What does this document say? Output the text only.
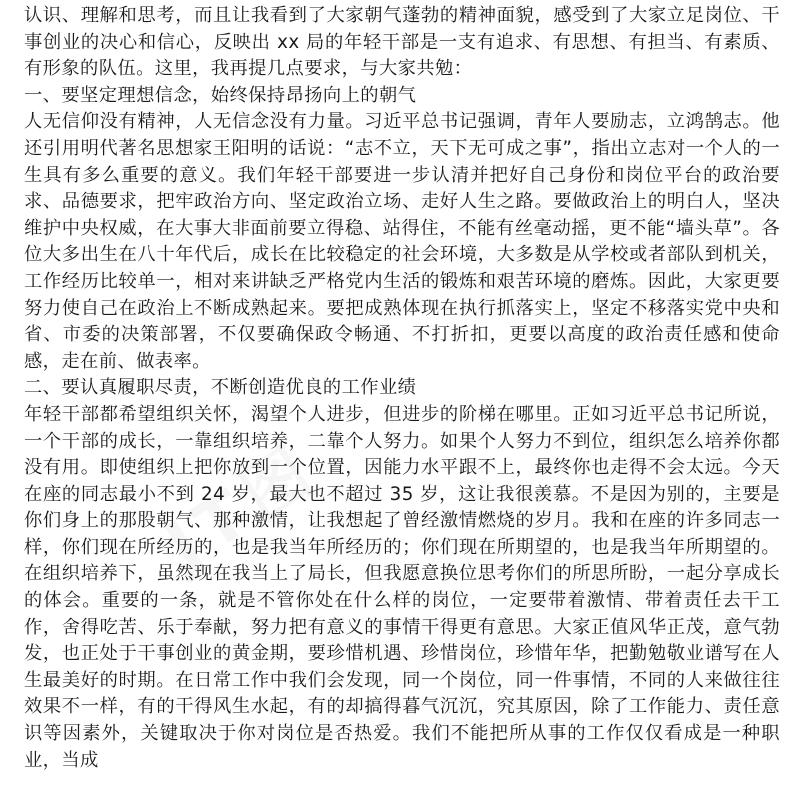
JT图

认识、理解和思考，而且让我看到了大家朝气蓬勃的精神面貌，感受到了大家立足岗位、干事创业的决心和信心，反映出 xx 局的年轻干部是一支有追求、有思想、有担当、有素质、有形象的队伍。这里，我再提几点要求，与大家共勉：

一、要坚定理想信念，始终保持昂扬向上的朝气

人无信仰没有精神，人无信念没有力量。习近平总书记强调，青年人要励志，立鸿鹄志。他还引用明代著名思想家王阳明的话说：“志不立，天下无可成之事”，指出立志对一个人的一生具有多么重要的意义。我们年轻干部要进一步认清并把好自己身份和岗位平台的政治要求、品德要求，把牢政治方向、坚定政治立场、走好人生之路。要做政治上的明白人，坚决维护中央权威，在大事大非面前要立得稳、站得住，不能有丝毫动摇，更不能“墙头草”。各位大多出生在八十年代后，成长在比较稳定的社会环境，大多数是从学校或者部队到机关，工作经历比较单一，相对来讲缺乏严格党内生活的锻炼和艰苦环境的磨炼。因此，大家更要努力使自己在政治上不断成熟起来。要把成熟体现在执行抓落实上，坚定不移落实党中央和省、市委的决策部署，不仅要确保政令畅通、不打折扣，更要以高度的政治责任感和使命感，走在前、做表率。

二、要认真履职尽责，不断创造优良的工作业绩

年轻干部都希望组织关怀，渴望个人进步，但进步的阶梯在哪里。正如习近平总书记所说，一个干部的成长，一靠组织培养，二靠个人努力。如果个人努力不到位，组织怎么培养你都没有用。即使组织上把你放到一个位置，因能力水平跟不上，最终你也走得不会太远。今天在座的同志最小不到 24 岁，最大也不超过 35 岁，这让我很羡慕。不是因为别的，主要是你们身上的那股朝气、那种激情，让我想起了曾经激情燃烧的岁月。我和在座的许多同志一样，你们现在所经历的，也是我当年所经历的；你们现在所期望的，也是我当年所期望的。在组织培养下，虽然现在我当上了局长，但我愿意换位思考你们的所思所盼，一起分享成长的体会。重要的一条，就是不管你处在什么样的岗位，一定要带着激情、带着责任去干工作，舍得吃苦、乐于奉献，努力把有意义的事情干得更有意思。大家正值风华正茂，意气勃发，也正处于干事创业的黄金期，要珍惜机遇、珍惜岗位，珍惜年华，把勤勉敬业谱写在人生最美好的时期。在日常工作中我们会发现，同一个岗位，同一件事情，不同的人来做往往效果不一样，有的干得风生水起，有的却搞得暮气沉沉，究其原因，除了工作能力、责任意识等因素外，关键取决于你对岗位是否热爱。我们不能把所从事的工作仅仅看成是一种职业，当成
